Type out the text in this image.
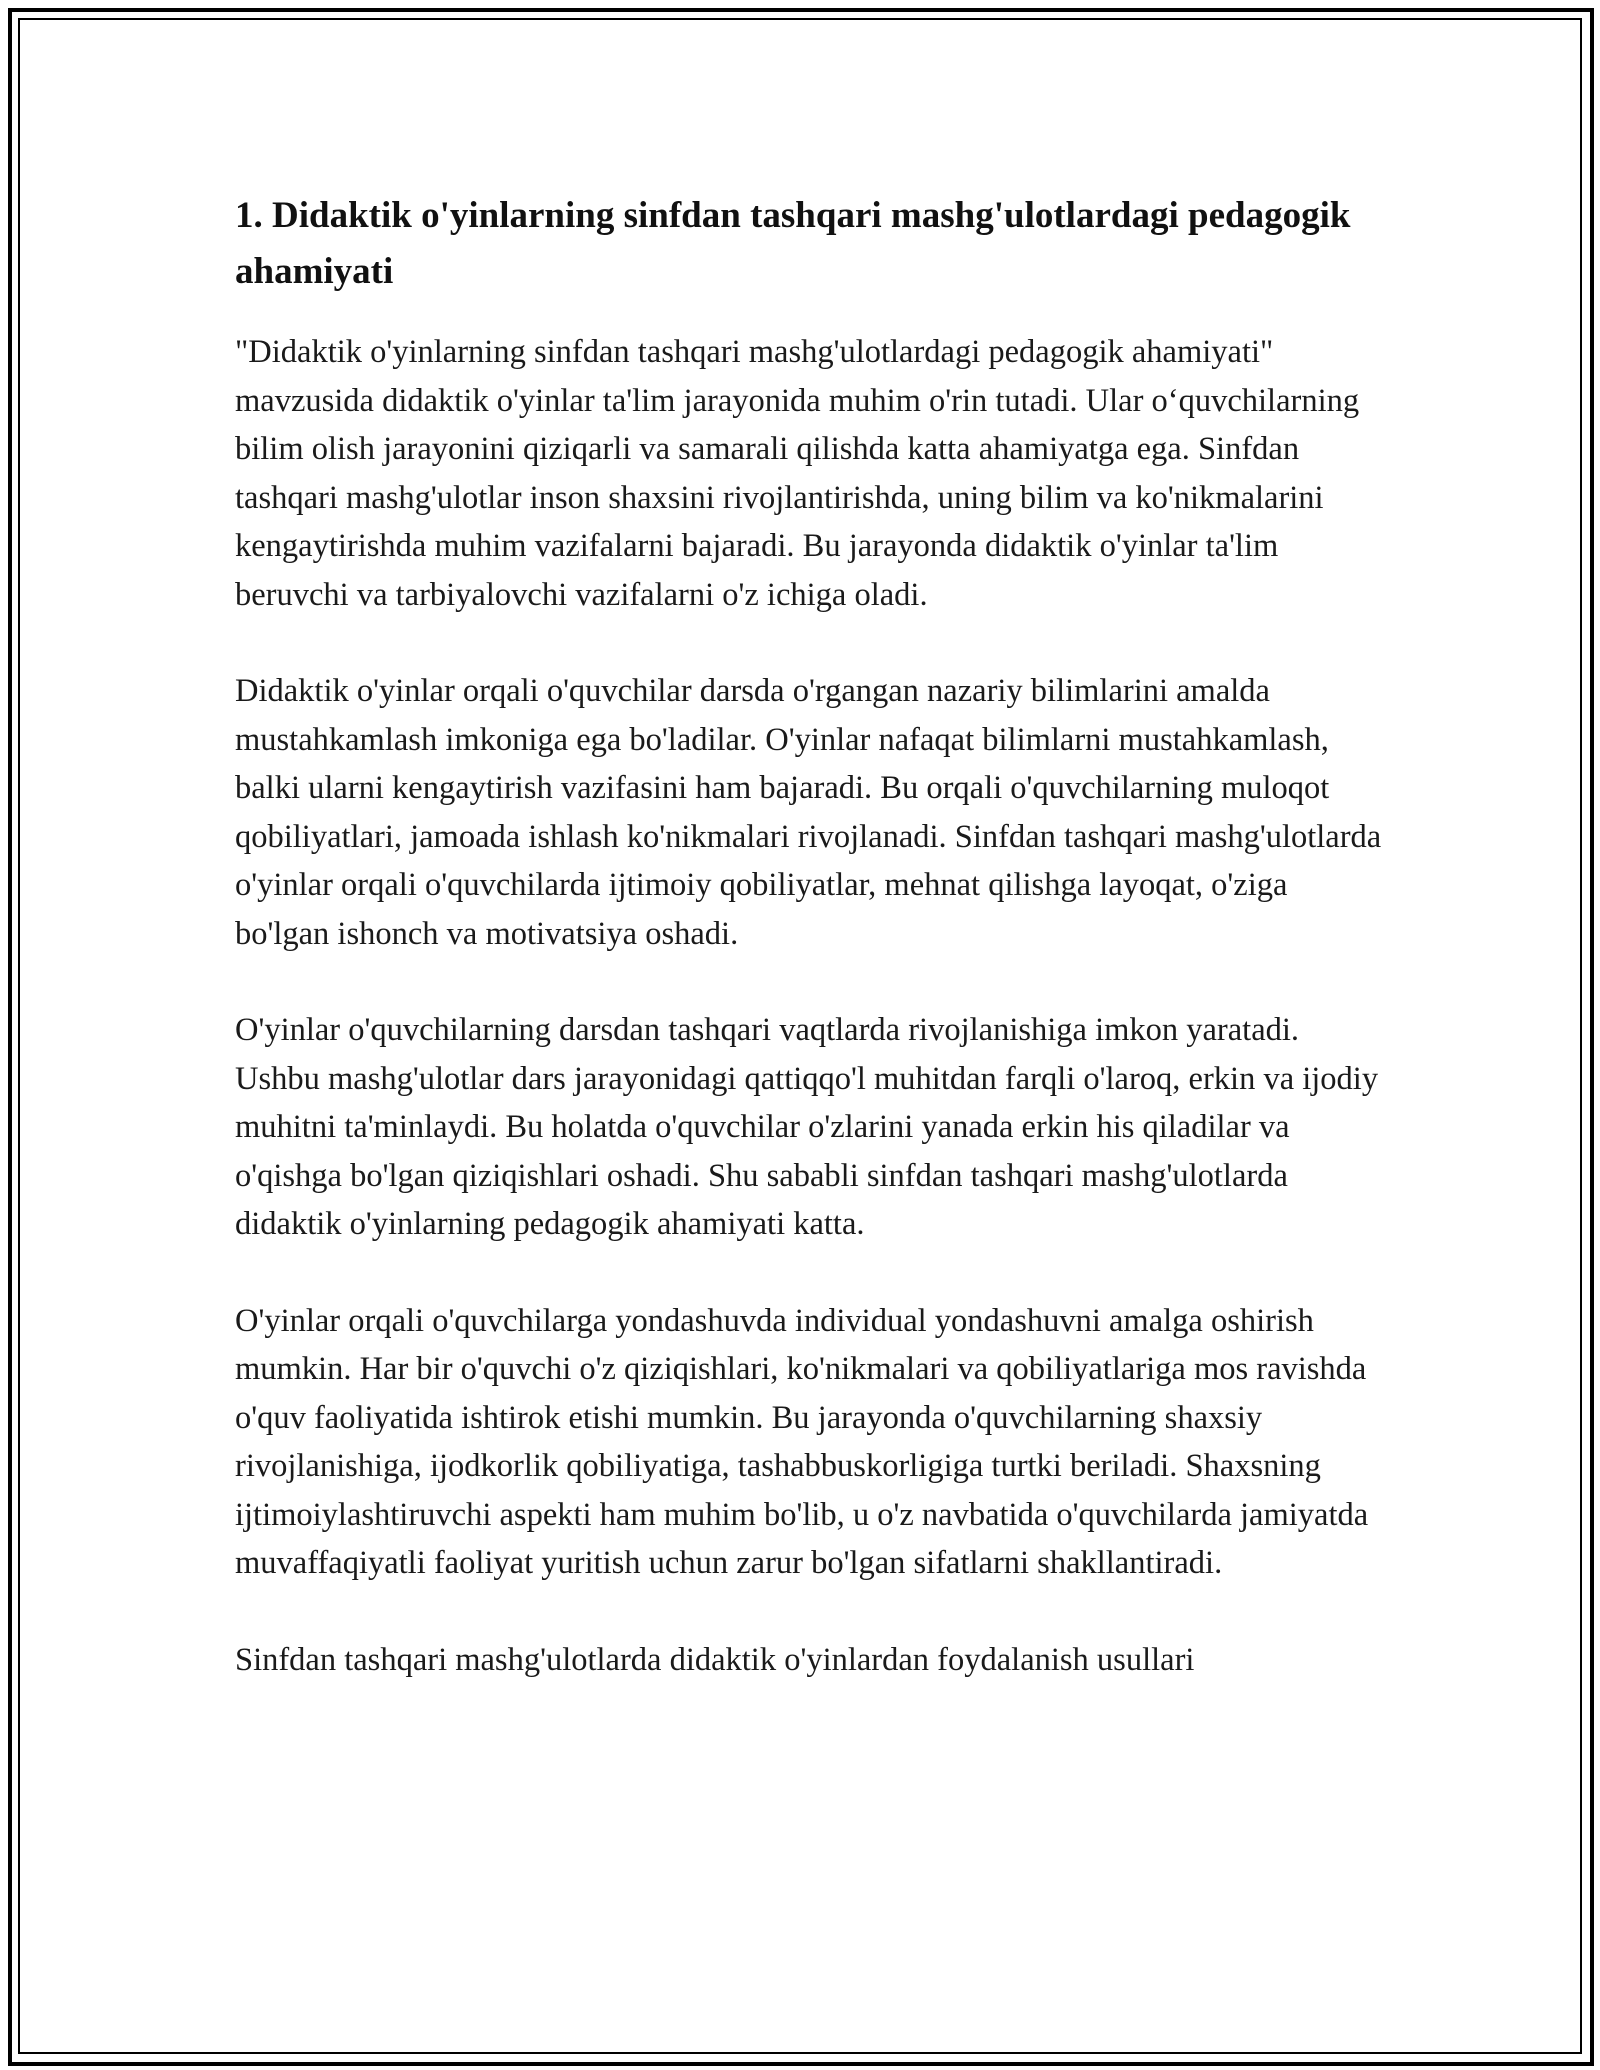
1. Didaktik o'yinlarning sinfdan tashqari mashg'ulotlardagi pedagogik ahamiyati

"Didaktik o'yinlarning sinfdan tashqari mashg'ulotlardagi pedagogik ahamiyati" mavzusida didaktik o'yinlar ta'lim jarayonida muhim o'rin tutadi. Ular o‘quvchilarning bilim olish jarayonini qiziqarli va samarali qilishda katta ahamiyatga ega. Sinfdan tashqari mashg'ulotlar inson shaxsini rivojlantirishda, uning bilim va ko'nikmalarini kengaytirishda muhim vazifalarni bajaradi. Bu jarayonda didaktik o'yinlar ta'lim beruvchi va tarbiyalovchi vazifalarni o'z ichiga oladi.

Didaktik o'yinlar orqali o'quvchilar darsda o'rgangan nazariy bilimlarini amalda mustahkamlash imkoniga ega bo'ladilar. O'yinlar nafaqat bilimlarni mustahkamlash, balki ularni kengaytirish vazifasini ham bajaradi. Bu orqali o'quvchilarning muloqot qobiliyatlari, jamoada ishlash ko'nikmalari rivojlanadi. Sinfdan tashqari mashg'ulotlarda o'yinlar orqali o'quvchilarda ijtimoiy qobiliyatlar, mehnat qilishga layoqat, o'ziga bo'lgan ishonch va motivatsiya oshadi.

O'yinlar o'quvchilarning darsdan tashqari vaqtlarda rivojlanishiga imkon yaratadi. Ushbu mashg'ulotlar dars jarayonidagi qattiqqo'l muhitdan farqli o'laroq, erkin va ijodiy muhitni ta'minlaydi. Bu holatda o'quvchilar o'zlarini yanada erkin his qiladilar va o'qishga bo'lgan qiziqishlari oshadi. Shu sababli sinfdan tashqari mashg'ulotlarda didaktik o'yinlarning pedagogik ahamiyati katta.

O'yinlar orqali o'quvchilarga yondashuvda individual yondashuvni amalga oshirish mumkin. Har bir o'quvchi o'z qiziqishlari, ko'nikmalari va qobiliyatlariga mos ravishda o'quv faoliyatida ishtirok etishi mumkin. Bu jarayonda o'quvchilarning shaxsiy rivojlanishiga, ijodkorlik qobiliyatiga, tashabbuskorligiga turtki beriladi. Shaxsning ijtimoiylashtiruvchi aspekti ham muhim bo'lib, u o'z navbatida o'quvchilarda jamiyatda muvaffaqiyatli faoliyat yuritish uchun zarur bo'lgan sifatlarni shakllantiradi.

Sinfdan tashqari mashg'ulotlarda didaktik o'yinlardan foydalanish usullari
